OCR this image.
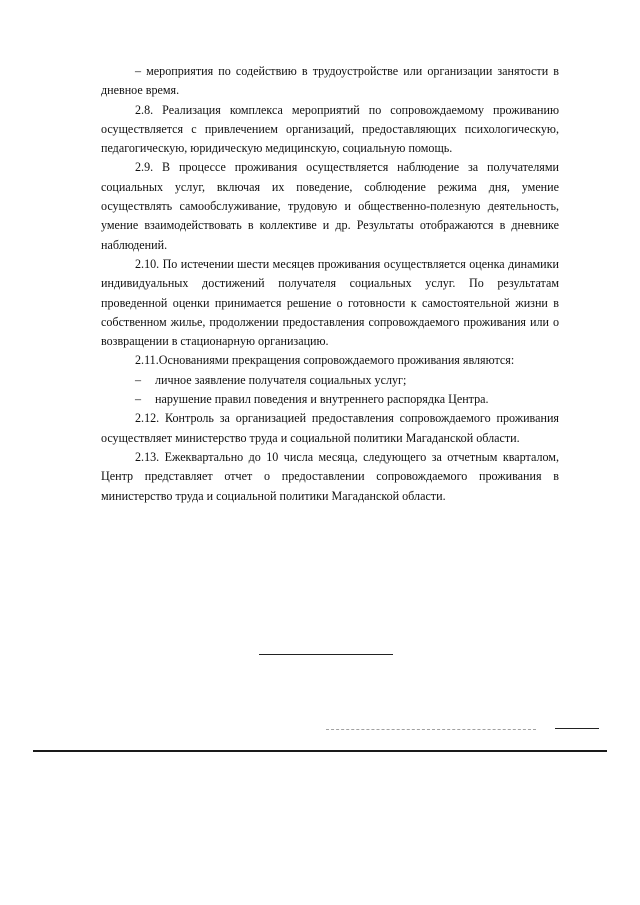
– мероприятия по содействию в трудоустройстве или организации занятости в дневное время.

2.8. Реализация комплекса мероприятий по сопровождаемому проживанию осуществляется с привлечением организаций, предоставляющих психологическую, педагогическую, юридическую медицинскую, социальную помощь.

2.9. В процессе проживания осуществляется наблюдение за получателями социальных услуг, включая их поведение, соблюдение режима дня, умение осуществлять самообслуживание, трудовую и общественно-полезную деятельность, умение взаимодействовать в коллективе и др. Результаты отображаются в дневнике наблюдений.

2.10. По истечении шести месяцев проживания осуществляется оценка динамики индивидуальных достижений получателя социальных услуг. По результатам проведенной оценки принимается решение о готовности к самостоятельной жизни в собственном жилье, продолжении предоставления сопровождаемого проживания или о возвращении в стационарную организацию.

2.11.Основаниями прекращения сопровождаемого проживания являются:

– личное заявление получателя социальных услуг;

– нарушение правил поведения и внутреннего распорядка Центра.

2.12. Контроль за организацией предоставления сопровождаемого проживания осуществляет министерство труда и социальной политики Магаданской области.

2.13. Ежеквартально до 10 числа месяца, следующего за отчетным кварталом, Центр представляет отчет о предоставлении сопровождаемого проживания в министерство труда и социальной политики Магаданской области.
